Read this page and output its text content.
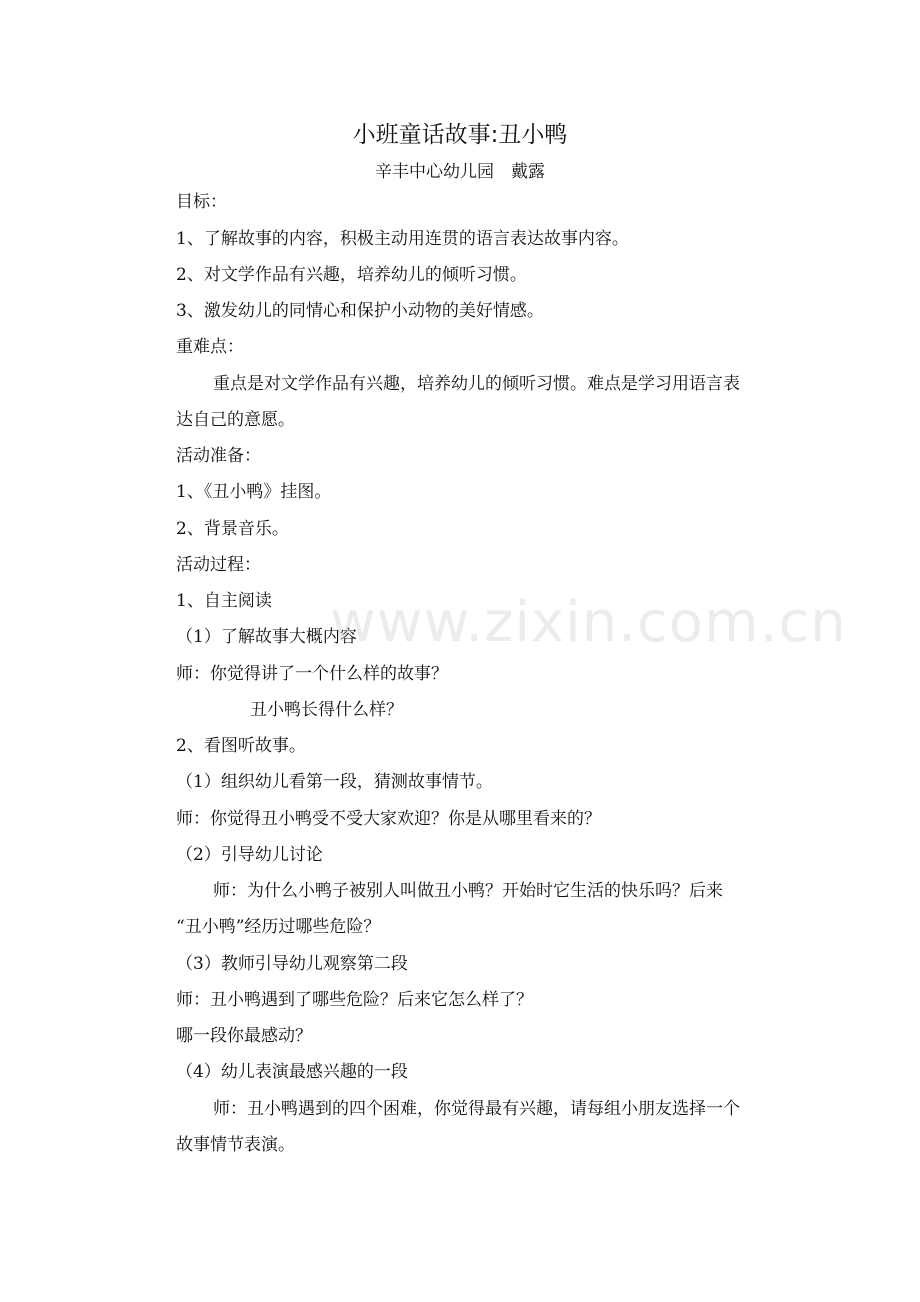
小班童话故事:丑小鸭
辛丰中心幼儿园　戴露
目标：
1、了解故事的内容，积极主动用连贯的语言表达故事内容。
2、对文学作品有兴趣，培养幼儿的倾听习惯。
3、激发幼儿的同情心和保护小动物的美好情感。
重难点：
重点是对文学作品有兴趣，培养幼儿的倾听习惯。难点是学习用语言表
达自己的意愿。
活动准备：
1、《丑小鸭》挂图。
2、背景音乐。
活动过程：
1、自主阅读
（1）了解故事大概内容
师：你觉得讲了一个什么样的故事？
丑小鸭长得什么样？
2、看图听故事。
（1）组织幼儿看第一段，猜测故事情节。
师：你觉得丑小鸭受不受大家欢迎？你是从哪里看来的？
（2）引导幼儿讨论
师：为什么小鸭子被别人叫做丑小鸭？开始时它生活的快乐吗？后来
“丑小鸭”经历过哪些危险？
（3）教师引导幼儿观察第二段
师：丑小鸭遇到了哪些危险？后来它怎么样了？
哪一段你最感动？
（4）幼儿表演最感兴趣的一段
师：丑小鸭遇到的四个困难，你觉得最有兴趣，请每组小朋友选择一个
故事情节表演。
www.zixin.com.cn
